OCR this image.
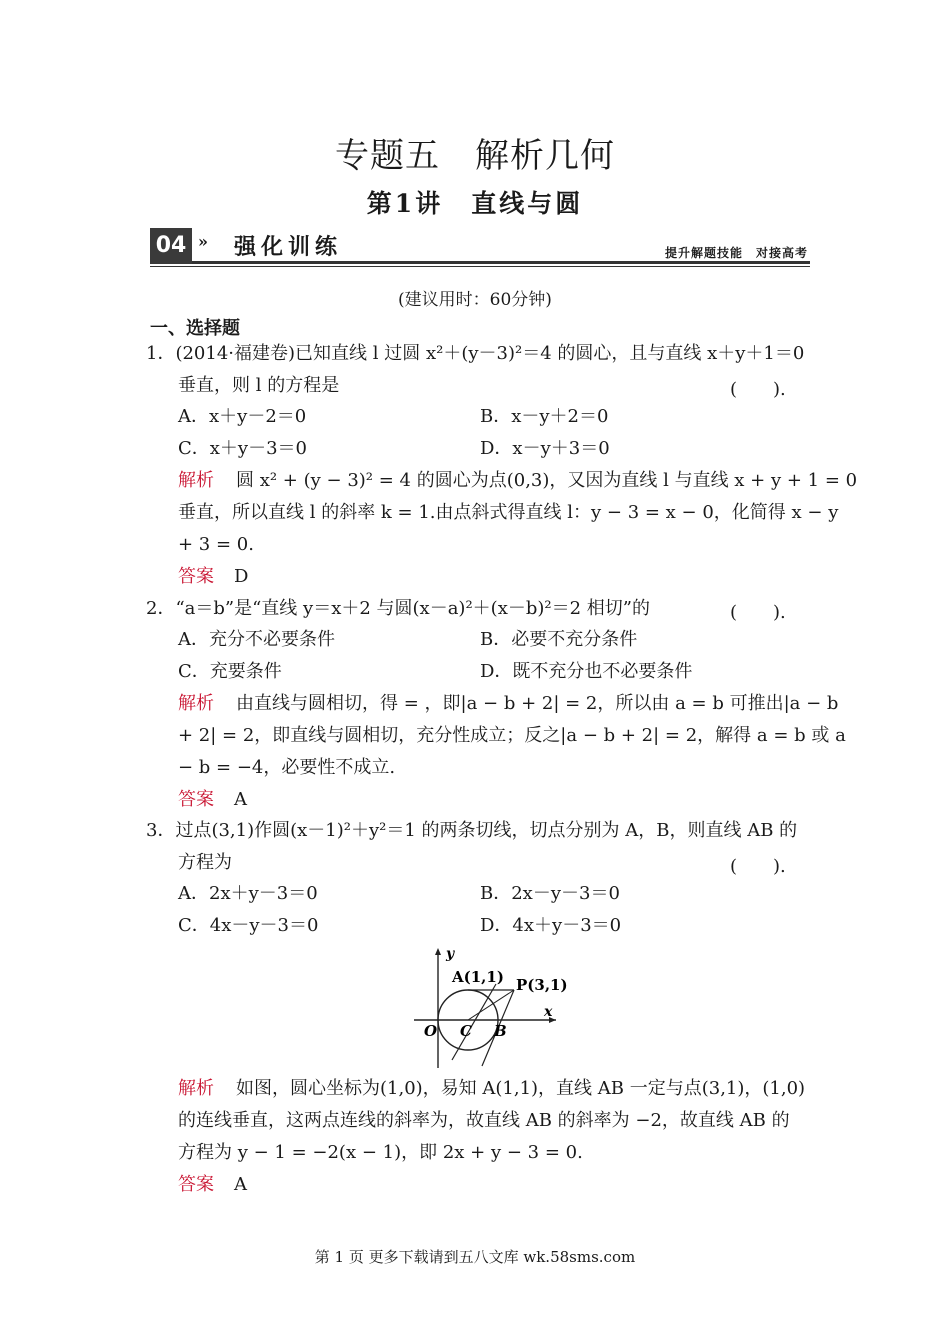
专题五　解析几何
第1讲　直线与圆
04 » 强化训练	提升解题技能　对接高考
(建议用时：60分钟)
一、选择题
1．(2014·福建卷)已知直线 l 过圆 x²＋(y－3)²＝4 的圆心，且与直线 x＋y＋1＝0
垂直，则 l 的方程是	(　　).
A．x＋y－2＝0	B．x－y＋2＝0
C．x＋y－3＝0	D．x－y＋3＝0
解析 圆 x² + (y − 3)² = 4 的圆心为点(0,3)，又因为直线 l 与直线 x + y + 1 = 0
垂直，所以直线 l 的斜率 k = 1.由点斜式得直线 l：y − 3 = x − 0，化简得 x − y
+ 3 = 0.
答案 D
2．“a＝b”是“直线 y＝x＋2 与圆(x－a)²＋(x－b)²＝2 相切”的	(　　).
A．充分不必要条件	B．必要不充分条件
C．充要条件	D．既不充分也不必要条件
解析 由直线与圆相切，得 = ，即|a − b + 2| = 2，所以由 a = b 可推出|a − b
+ 2| = 2，即直线与圆相切，充分性成立；反之|a − b + 2| = 2，解得 a = b 或 a
− b = −4，必要性不成立.
答案 A
3．过点(3,1)作圆(x－1)²＋y²＝1 的两条切线，切点分别为 A，B，则直线 AB 的
方程为	(　　).
A．2x＋y－3＝0	B．2x－y－3＝0
C．4x－y－3＝0	D．4x＋y－3＝0
y
x
A(1,1) P(3,1)
O C B
解析 如图，圆心坐标为(1,0)，易知 A(1,1)，直线 AB 一定与点(3,1)，(1,0)
的连线垂直，这两点连线的斜率为，故直线 AB 的斜率为 −2，故直线 AB 的
方程为 y − 1 = −2(x − 1)，即 2x + y − 3 = 0.
答案 A
第 1 页 更多下载请到五八文库 wk.58sms.com
